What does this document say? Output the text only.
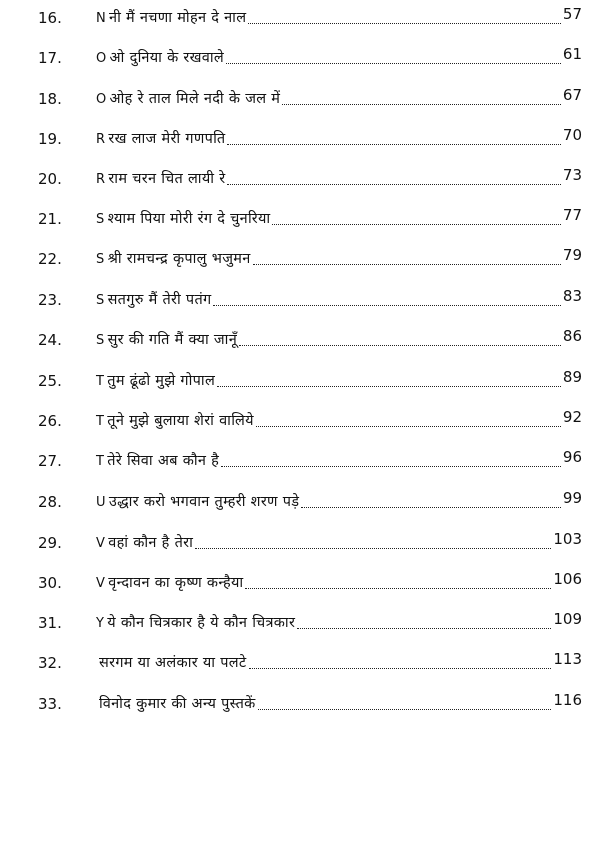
16.	N नी मैं नचणा मोहन दे नाल	57
17.	O ओ दुनिया के रखवाले	61
18.	O ओह रे ताल मिले नदी के जल में	67
19.	R रख लाज मेरी गणपति	70
20.	R राम चरन चित लायी रे	73
21.	S श्याम पिया मोरी रंग दे चुनरिया	77
22.	S श्री रामचन्द्र कृपालु भजुमन	79
23.	S सतगुरु मैं तेरी पतंग	83
24.	S सुर की गति मैं क्या जानूँ	86
25.	T तुम ढूंढो मुझे गोपाल	89
26.	T तूने मुझे बुलाया शेरां वालिये	92
27.	T तेरे सिवा अब कौन है	96
28.	U उद्धार करो भगवान तुम्हरी शरण पड़े	99
29.	V वहां कौन है तेरा	103
30.	V वृन्दावन का कृष्ण कन्हैया	106
31.	Y ये कौन चित्रकार है ये कौन चित्रकार	109
32.	सरगम या अलंकार या पलटे	113
33.	विनोद कुमार की अन्य पुस्तकें	116
